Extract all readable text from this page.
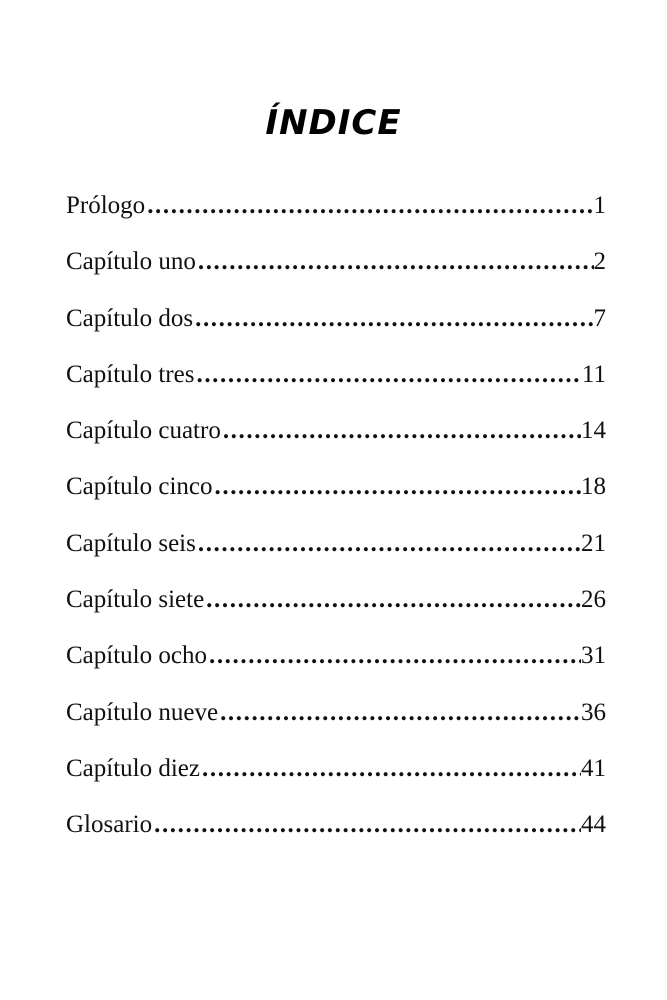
ÍNDICE
Prólogo .....	1
Capítulo uno .....	2
Capítulo dos .....	7
Capítulo tres .....	11
Capítulo cuatro .....	14
Capítulo cinco .....	18
Capítulo seis .....	21
Capítulo siete .....	26
Capítulo ocho .....	31
Capítulo nueve .....	36
Capítulo diez .....	41
Glosario .....	44
